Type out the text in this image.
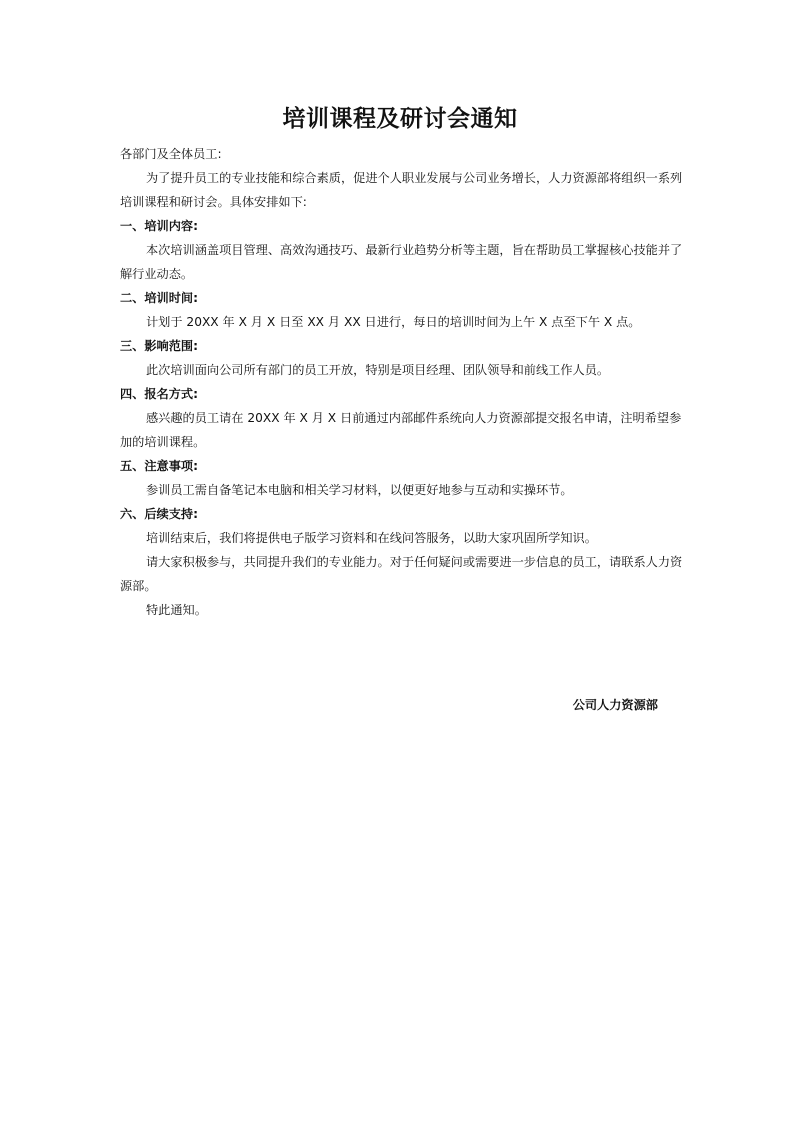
培训课程及研讨会通知

各部门及全体员工:

为了提升员工的专业技能和综合素质，促进个人职业发展与公司业务增长，人力资源部将组织一系列培训课程和研讨会。具体安排如下:

一、培训内容:

本次培训涵盖项目管理、高效沟通技巧、最新行业趋势分析等主题，旨在帮助员工掌握核心技能并了解行业动态。

二、培训时间:

计划于 20XX 年 X 月 X 日至 XX 月 XX 日进行，每日的培训时间为上午 X 点至下午 X 点。

三、影响范围:

此次培训面向公司所有部门的员工开放，特别是项目经理、团队领导和前线工作人员。

四、报名方式:

感兴趣的员工请在 20XX 年 X 月 X 日前通过内部邮件系统向人力资源部提交报名申请，注明希望参加的培训课程。

五、注意事项:

参训员工需自备笔记本电脑和相关学习材料，以便更好地参与互动和实操环节。

六、后续支持:

培训结束后，我们将提供电子版学习资料和在线问答服务，以助大家巩固所学知识。

请大家积极参与，共同提升我们的专业能力。对于任何疑问或需要进一步信息的员工，请联系人力资源部。

特此通知。

公司人力资源部
